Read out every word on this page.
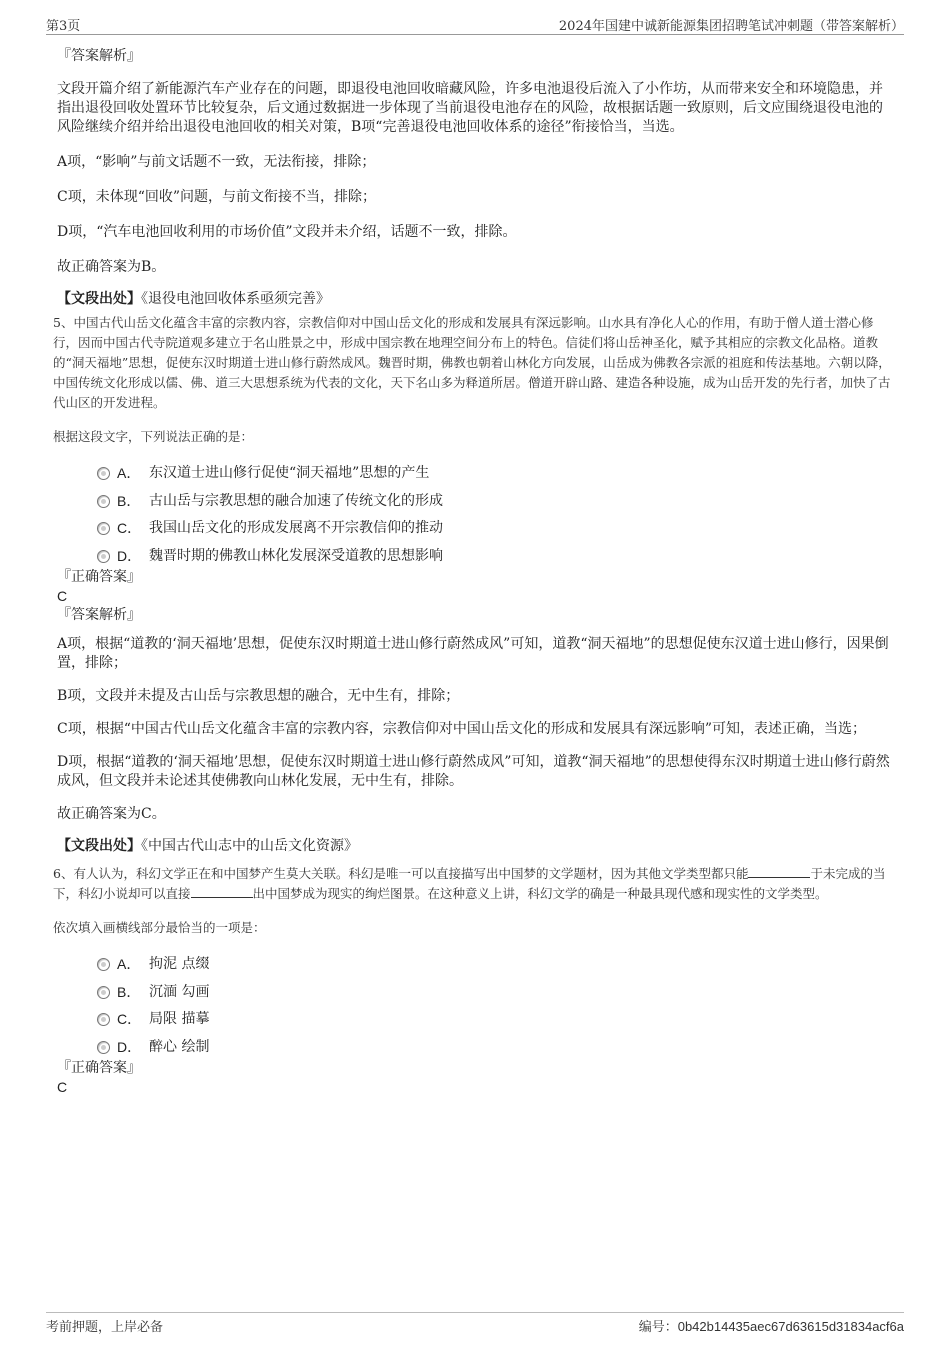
第3页	2024年国建中诚新能源集团招聘笔试冲刺题（带答案解析）

『答案解析』

文段开篇介绍了新能源汽车产业存在的问题，即退役电池回收暗藏风险，许多电池退役后流入了小作坊，从而带来安全和环境隐患，并指出退役回收处置环节比较复杂，后文通过数据进一步体现了当前退役电池存在的风险，故根据话题一致原则，后文应围绕退役电池的风险继续介绍并给出退役电池回收的相关对策，B项“完善退役电池回收体系的途径”衔接恰当，当选。

A项，“影响”与前文话题不一致，无法衔接，排除；

C项，未体现“回收”问题，与前文衔接不当，排除；

D项，“汽车电池回收利用的市场价值”文段并未介绍，话题不一致，排除。

故正确答案为B。

【文段出处】《退役电池回收体系亟须完善》

5、中国古代山岳文化蕴含丰富的宗教内容，宗教信仰对中国山岳文化的形成和发展具有深远影响。山水具有净化人心的作用，有助于僧人道士潜心修行，因而中国古代寺院道观多建立于名山胜景之中，形成中国宗教在地理空间分布上的特色。信徒们将山岳神圣化，赋予其相应的宗教文化品格。道教的“洞天福地”思想，促使东汉时期道士进山修行蔚然成风。魏晋时期，佛教也朝着山林化方向发展，山岳成为佛教各宗派的祖庭和传法基地。六朝以降，中国传统文化形成以儒、佛、道三大思想系统为代表的文化，天下名山多为释道所居。僧道开辟山路、建造各种设施，成为山岳开发的先行者，加快了古代山区的开发进程。

根据这段文字，下列说法正确的是：

A． 东汉道士进山修行促使“洞天福地”思想的产生
B． 古山岳与宗教思想的融合加速了传统文化的形成
C． 我国山岳文化的形成发展离不开宗教信仰的推动
D． 魏晋时期的佛教山林化发展深受道教的思想影响

『正确答案』

C

『答案解析』

A项，根据“道教的‘洞天福地’思想，促使东汉时期道士进山修行蔚然成风”可知，道教“洞天福地”的思想促使东汉道士进山修行，因果倒置，排除；

B项，文段并未提及古山岳与宗教思想的融合，无中生有，排除；

C项，根据“中国古代山岳文化蕴含丰富的宗教内容，宗教信仰对中国山岳文化的形成和发展具有深远影响”可知，表述正确，当选；

D项，根据“道教的‘洞天福地’思想，促使东汉时期道士进山修行蔚然成风”可知，道教“洞天福地”的思想使得东汉时期道士进山修行蔚然成风，但文段并未论述其使佛教向山林化发展，无中生有，排除。

故正确答案为C。

【文段出处】《中国古代山志中的山岳文化资源》

6、有人认为，科幻文学正在和中国梦产生莫大关联。科幻是唯一可以直接描写出中国梦的文学题材，因为其他文学类型都只能	于未完成的当下，科幻小说却可以直接	出中国梦成为现实的绚烂图景。在这种意义上讲，科幻文学的确是一种最具现代感和现实性的文学类型。

依次填入画横线部分最恰当的一项是：

A． 拘泥 点缀
B． 沉湎 勾画
C． 局限 描摹
D． 醉心 绘制

『正确答案』

C

考前押题，上岸必备	编号：0b42b14435aec67d63615d31834acf6a
